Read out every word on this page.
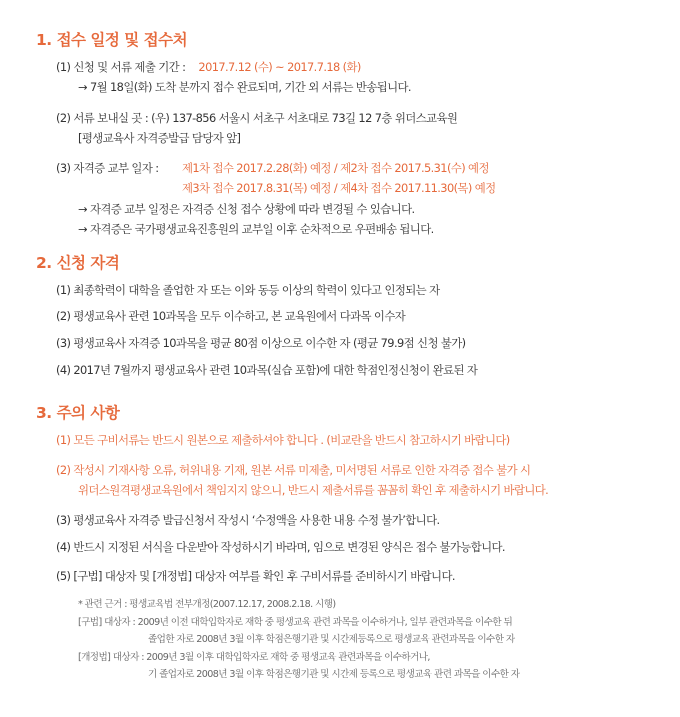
1. 접수 일정 및 접수처
(1) 신청 및 서류 제출 기간 : 2017.7.12 (수) ~ 2017.7.18 (화)
→ 7월 18일(화) 도착 분까지 접수 완료되며, 기간 외 서류는 반송됩니다.
(2) 서류 보내실 곳 : (우) 137-856 서울시 서초구 서초대로 73길 12 7층 위더스교육원
[평생교육사 자격증발급 담당자 앞]
(3) 자격증 교부 일자 : 제1차 접수 2017.2.28(화) 예정 / 제2차 접수 2017.5.31(수) 예정
제3차 접수 2017.8.31(목) 예정 / 제4차 접수 2017.11.30(목) 예정
→ 자격증 교부 일정은 자격증 신청 접수 상황에 따라 변경될 수 있습니다.
→ 자격증은 국가평생교육진흥원의 교부일 이후 순차적으로 우편배송 됩니다.
2. 신청 자격
(1) 최종학력이 대학을 졸업한 자 또는 이와 동등 이상의 학력이 있다고 인정되는 자
(2) 평생교육사 관련 10과목을 모두 이수하고, 본 교육원에서 다과목 이수자
(3) 평생교육사 자격증 10과목을 평균 80점 이상으로 이수한 자 (평균 79.9점 신청 불가)
(4) 2017년 7월까지 평생교육사 관련 10과목(실습 포함)에 대한 학점인정신청이 완료된 자
3. 주의 사항
(1) 모든 구비서류는 반드시 원본으로 제출하셔야 합니다 . (비교란을 반드시 참고하시기 바랍니다)
(2) 작성시 기재사항 오류, 허위내용 기재, 원본 서류 미제출, 미서명된 서류로 인한 자격증 접수 불가 시
위더스원격평생교육원에서 책임지지 않으니, 반드시 제출서류를 꼼꼼히 확인 후 제출하시기 바랍니다.
(3) 평생교육사 자격증 발급신청서 작성시 ‘수정액을 사용한 내용 수정 불가’합니다.
(4) 반드시 지정된 서식을 다운받아 작성하시기 바라며, 임으로 변경된 양식은 접수 불가능합니다.
(5) [구법] 대상자 및 [개정법] 대상자 여부를 확인 후 구비서류를 준비하시기 바랍니다.
* 관련 근거 : 평생교육법 전부개정(2007.12.17, 2008.2.18. 시행)
[구법] 대상자 : 2009년 이전 대학입학자로 재학 중 평생교육 관련 과목을 이수하거나, 일부 관련과목을 이수한 뒤
졸업한 자로 2008년 3월 이후 학점은행기관 및 시간제등록으로 평생교육 관련과목을 이수한 자
[개정법] 대상자 : 2009년 3월 이후 대학입학자로 재학 중 평생교육 관련과목을 이수하거나,
기 졸업자로 2008년 3월 이후 학점은행기관 및 시간제 등록으로 평생교육 관련 과목을 이수한 자
